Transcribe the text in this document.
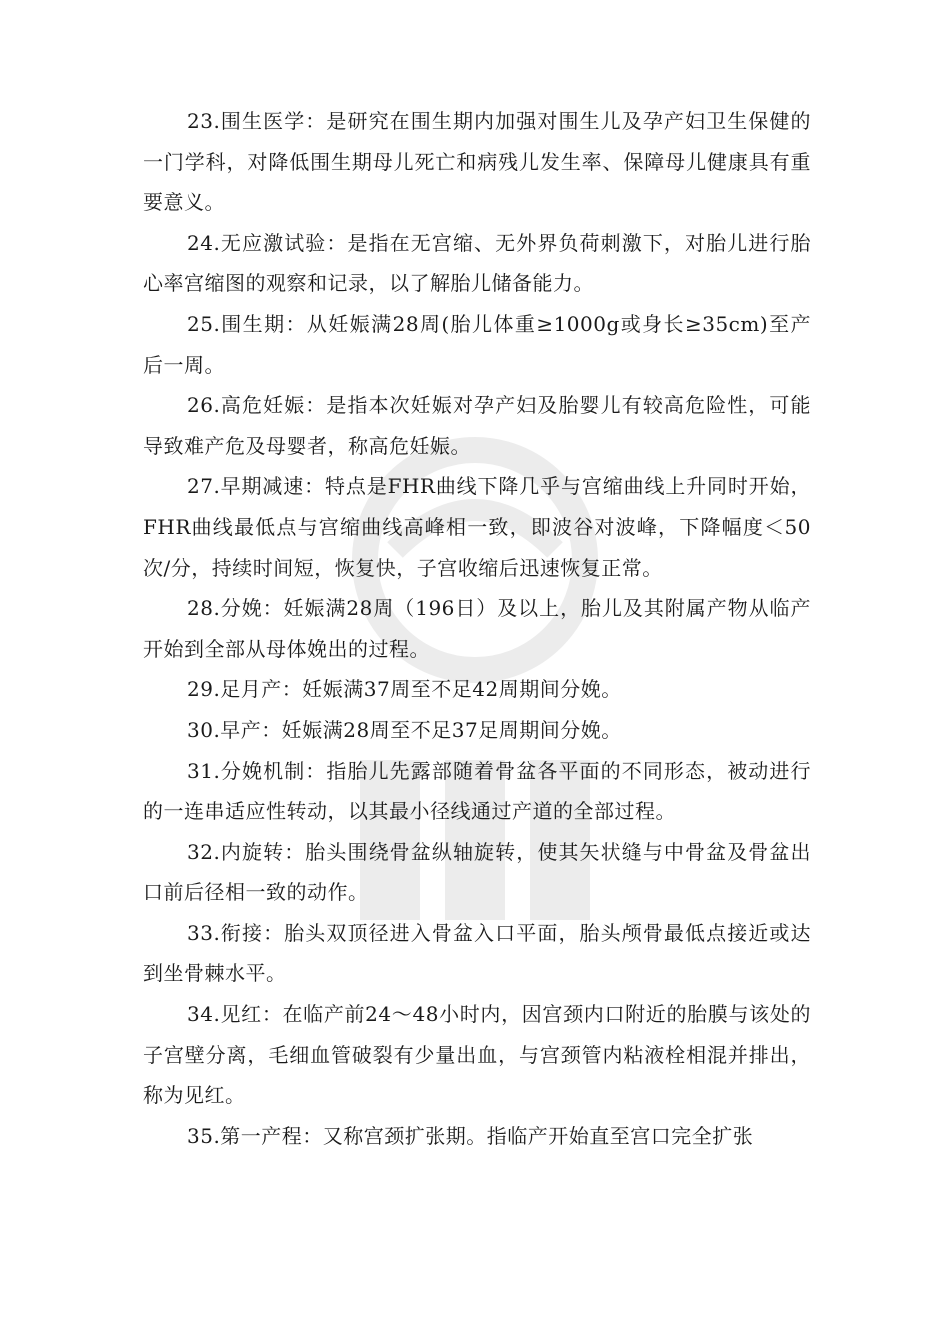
23.围生医学：是研究在围生期内加强对围生儿及孕产妇卫生保健的一门学科，对降低围生期母儿死亡和病残儿发生率、保障母儿健康具有重要意义。

24.无应激试验：是指在无宫缩、无外界负荷刺激下，对胎儿进行胎心率宫缩图的观察和记录，以了解胎儿储备能力。

25.围生期：从妊娠满28周(胎儿体重≥1000g或身长≥35cm)至产后一周。

26.高危妊娠：是指本次妊娠对孕产妇及胎婴儿有较高危险性，可能导致难产危及母婴者，称高危妊娠。

27.早期减速：特点是FHR曲线下降几乎与宫缩曲线上升同时开始，FHR曲线最低点与宫缩曲线高峰相一致，即波谷对波峰，下降幅度＜50次/分，持续时间短，恢复快，子宫收缩后迅速恢复正常。

28.分娩：妊娠满28周（196日）及以上，胎儿及其附属产物从临产开始到全部从母体娩出的过程。

29.足月产：妊娠满37周至不足42周期间分娩。

30.早产：妊娠满28周至不足37足周期间分娩。

31.分娩机制：指胎儿先露部随着骨盆各平面的不同形态，被动进行的一连串适应性转动，以其最小径线通过产道的全部过程。

32.内旋转：胎头围绕骨盆纵轴旋转，使其矢状缝与中骨盆及骨盆出口前后径相一致的动作。

33.衔接：胎头双顶径进入骨盆入口平面，胎头颅骨最低点接近或达到坐骨棘水平。

34.见红：在临产前24～48小时内，因宫颈内口附近的胎膜与该处的子宫壁分离，毛细血管破裂有少量出血，与宫颈管内粘液栓相混并排出，称为见红。

35.第一产程：又称宫颈扩张期。指临产开始直至宫口完全扩张
